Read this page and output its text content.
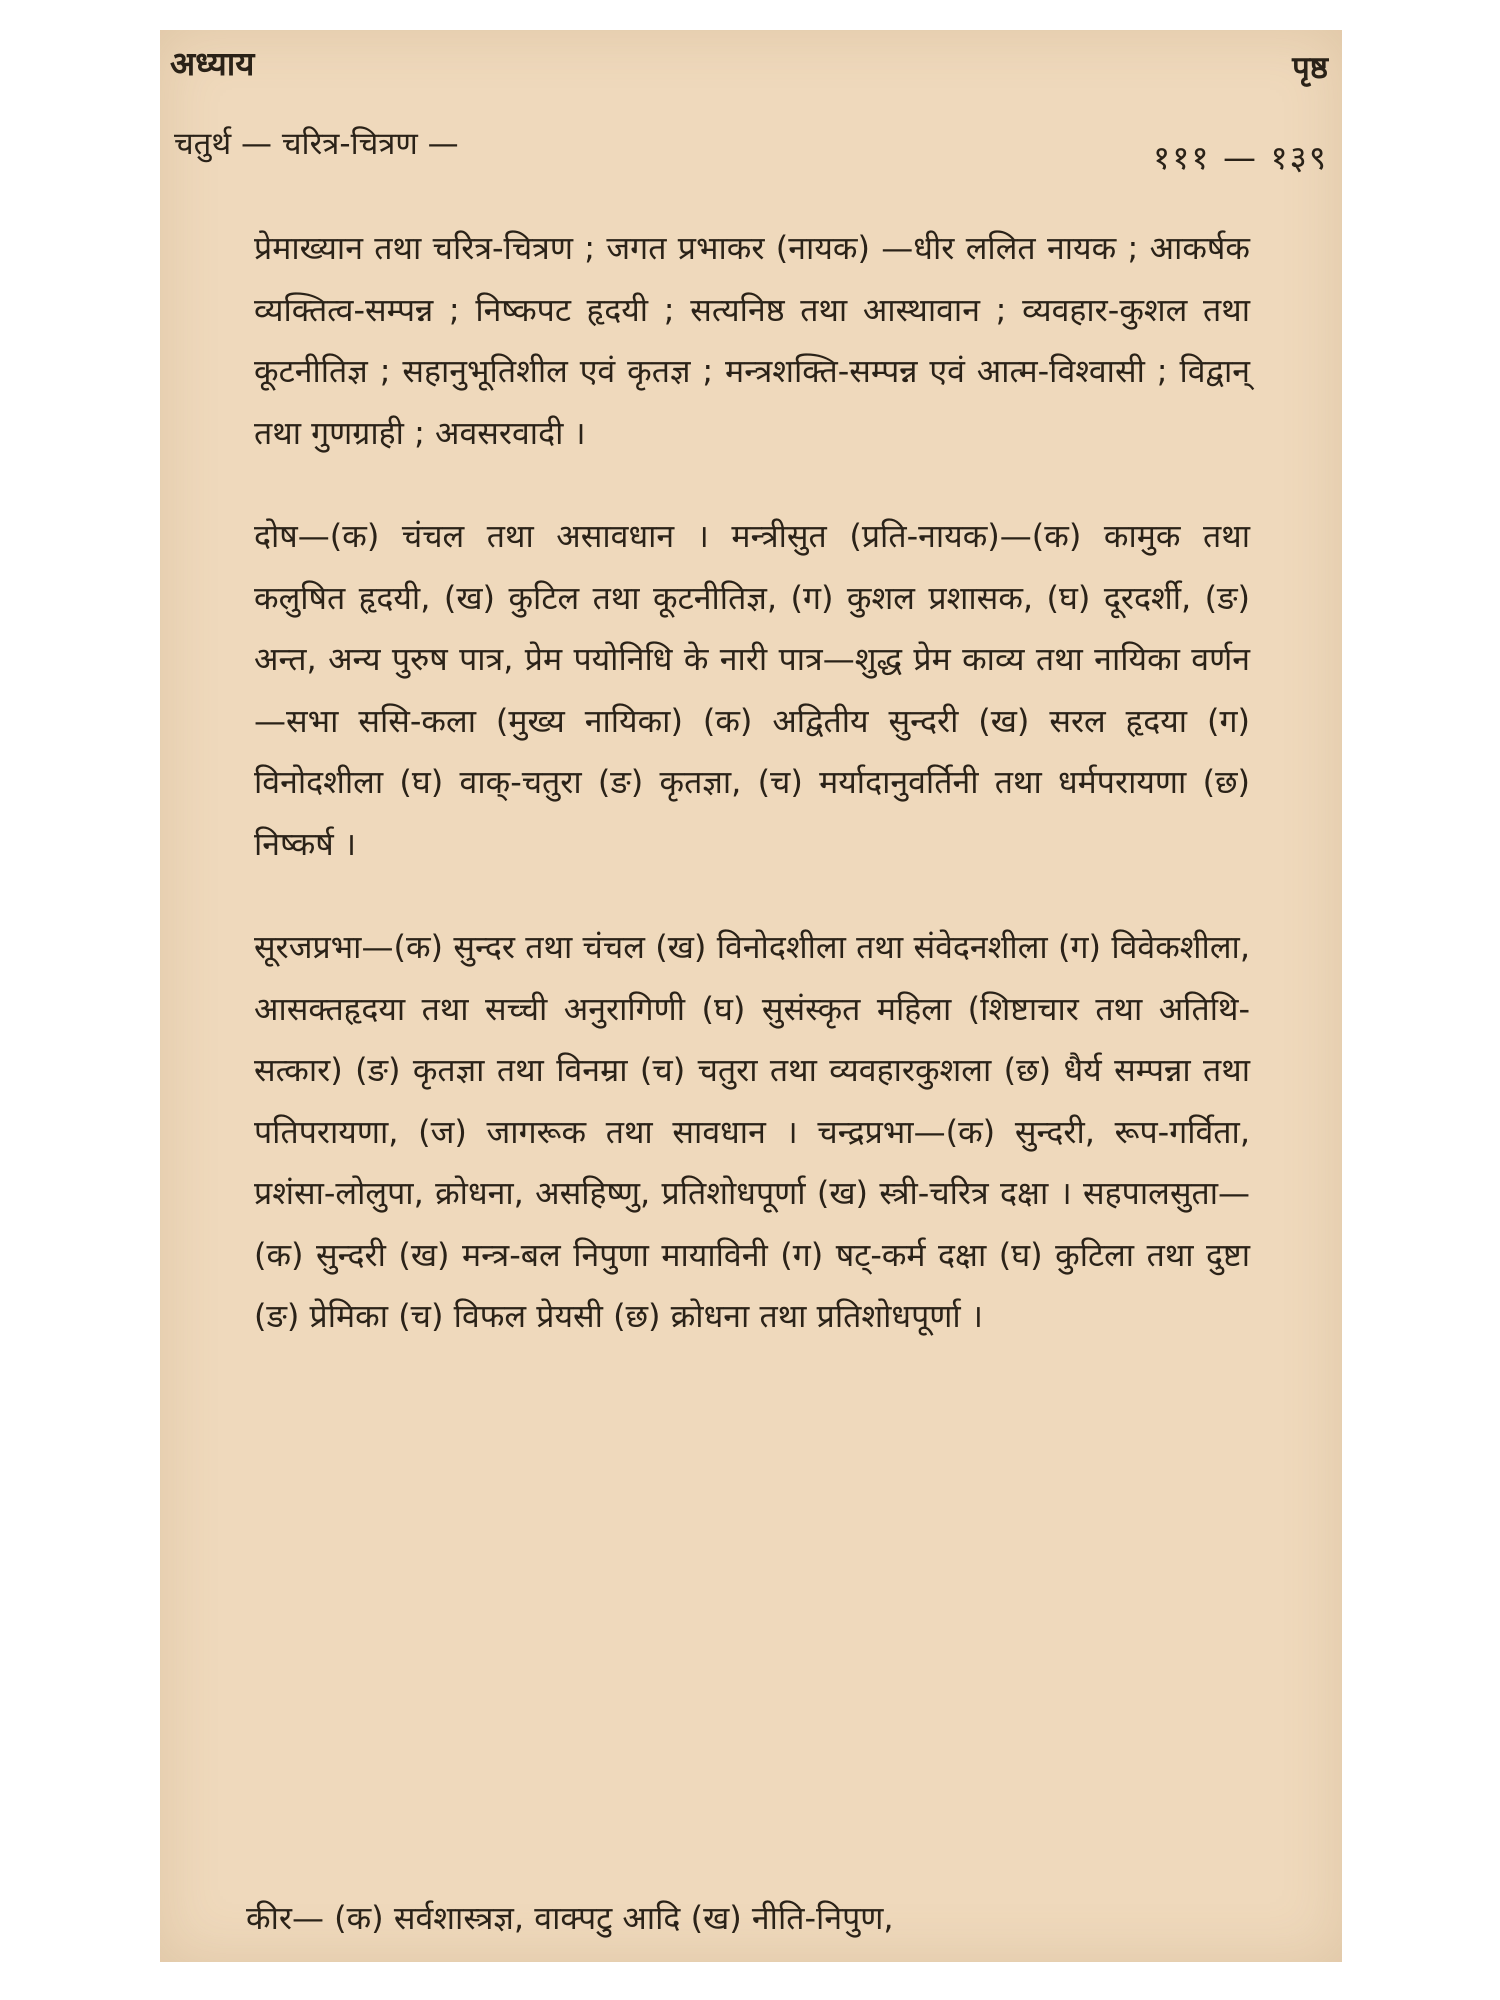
अध्याय	पृष्ठ
चतुर्थ — चरित्र-चित्रण —	१११ — १३९

प्रेमाख्यान तथा चरित्र-चित्रण ; जगत प्रभाकर (नायक) —धीर ललित नायक ; आकर्षक व्यक्तित्व-सम्पन्न ; निष्कपट हृदयी ; सत्यनिष्ठ तथा आस्थावान ; व्यवहार-कुशल तथा कूटनीतिज्ञ ; सहानुभूतिशील एवं कृतज्ञ ; मन्त्रशक्ति-सम्पन्न एवं आत्म-विश्वासी ; विद्वान् तथा गुणग्राही ; अवसरवादी ।

दोष—(क) चंचल तथा असावधान । मन्त्रीसुत (प्रति-नायक)—(क) कामुक तथा कलुषित हृदयी, (ख) कुटिल तथा कूटनीतिज्ञ, (ग) कुशल प्रशासक, (घ) दूरदर्शी, (ङ) अन्त, अन्य पुरुष पात्र, प्रेम पयोनिधि के नारी पात्र—शुद्ध प्रेम काव्य तथा नायिका वर्णन—सभा ससि-कला (मुख्य नायिका) (क) अद्वितीय सुन्दरी (ख) सरल हृदया (ग) विनोदशीला (घ) वाक्-चतुरा (ङ) कृतज्ञा, (च) मर्यादानुवर्तिनी तथा धर्मपरायणा (छ) निष्कर्ष ।

सूरजप्रभा—(क) सुन्दर तथा चंचल (ख) विनोदशीला तथा संवेदनशीला (ग) विवेकशीला, आसक्तहृदया तथा सच्ची अनुरागिणी (घ) सुसंस्कृत महिला (शिष्टाचार तथा अतिथि-सत्कार) (ङ) कृतज्ञा तथा विनम्रा (च) चतुरा तथा व्यवहारकुशला (छ) धैर्य सम्पन्ना तथा पतिपरायणा, (ज) जागरूक तथा सावधान । चन्द्रप्रभा—(क) सुन्दरी, रूप-गर्विता, प्रशंसा-लोलुपा, क्रोधना, असहिष्णु, प्रतिशोधपूर्णा (ख) स्त्री-चरित्र दक्षा । सहपालसुता—(क) सुन्दरी (ख) मन्त्र-बल निपुणा मायाविनी (ग) षट्-कर्म दक्षा (घ) कुटिला तथा दुष्टा (ङ) प्रेमिका (च) विफल प्रेयसी (छ) क्रोधना तथा प्रतिशोधपूर्णा ।

कीर— (क) सर्वशास्त्रज्ञ, वाक्पटु आदि (ख) नीति-निपुण,
